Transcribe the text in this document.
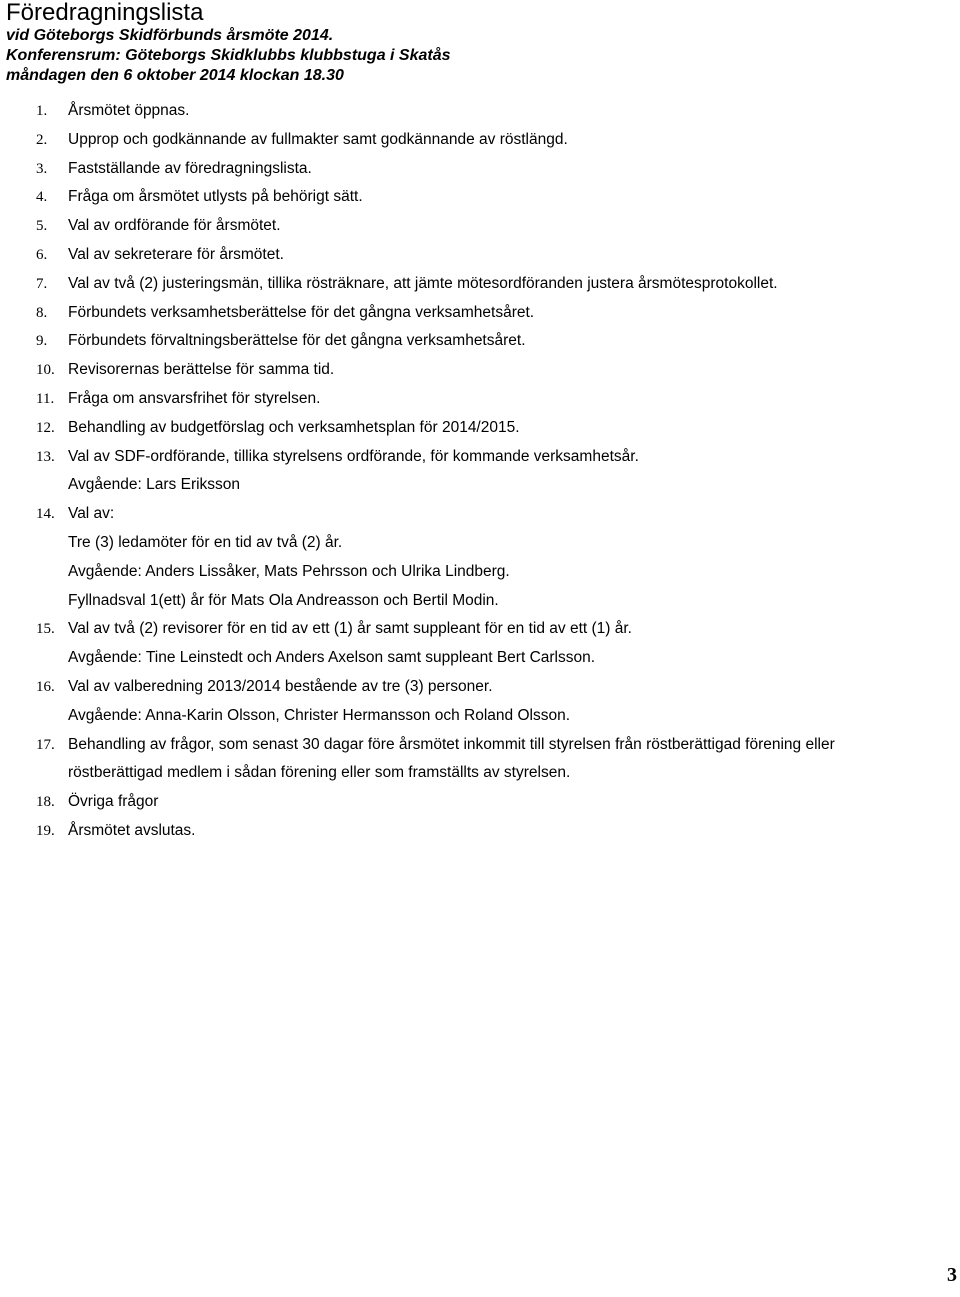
Föredragningslista

vid Göteborgs Skidförbunds årsmöte 2014.

Konferensrum: Göteborgs Skidklubbs klubbstuga i Skatås

måndagen den 6 oktober 2014 klockan 18.30

1. Årsmötet öppnas.
2. Upprop och godkännande av fullmakter samt godkännande av röstlängd.
3. Fastställande av föredragningslista.
4. Fråga om årsmötet utlysts på behörigt sätt.
5. Val av ordförande för årsmötet.
6. Val av sekreterare för årsmötet.
7. Val av två (2) justeringsmän, tillika rösträknare, att jämte mötesordföranden justera årsmötesprotokollet.
8. Förbundets verksamhetsberättelse för det gångna verksamhetsåret.
9. Förbundets förvaltningsberättelse för det gångna verksamhetsåret.
10. Revisorernas berättelse för samma tid.
11. Fråga om ansvarsfrihet för styrelsen.
12. Behandling av budgetförslag och verksamhetsplan för 2014/2015.
13. Val av SDF-ordförande, tillika styrelsens ordförande, för kommande verksamhetsår.
Avgående: Lars Eriksson
14. Val av:
Tre (3) ledamöter för en tid av två (2) år.
Avgående: Anders Lissåker, Mats Pehrsson och Ulrika Lindberg.
Fyllnadsval 1(ett) år för Mats Ola Andreasson och Bertil Modin.
15. Val av två (2) revisorer för en tid av ett (1) år samt suppleant för en tid av ett (1) år.
Avgående: Tine Leinstedt och Anders Axelson samt suppleant Bert Carlsson.
16. Val av valberedning 2013/2014 bestående av tre (3) personer.
Avgående: Anna-Karin Olsson, Christer Hermansson och Roland Olsson.
17. Behandling av frågor, som senast 30 dagar före årsmötet inkommit till styrelsen från röstberättigad förening eller
röstberättigad medlem i sådan förening eller som framställts av styrelsen.
18. Övriga frågor
19. Årsmötet avslutas.
3
